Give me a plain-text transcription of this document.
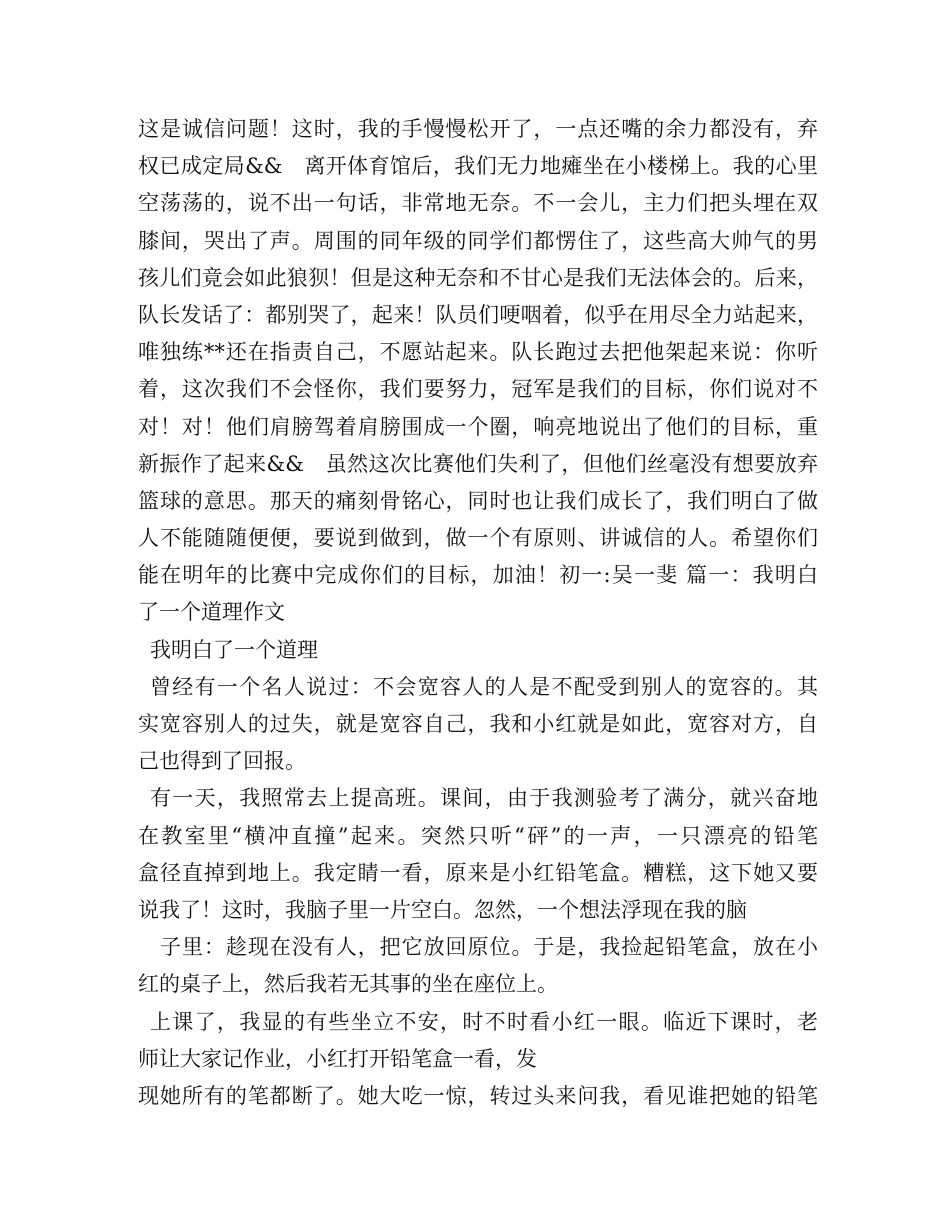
这是诚信问题！这时，我的手慢慢松开了，一点还嘴的余力都没有，弃
权已成定局&&　离开体育馆后，我们无力地瘫坐在小楼梯上。我的心里
空荡荡的，说不出一句话，非常地无奈。不一会儿，主力们把头埋在双
膝间，哭出了声。周围的同年级的同学们都愣住了，这些高大帅气的男
孩儿们竟会如此狼狈！但是这种无奈和不甘心是我们无法体会的。后来，
队长发话了：都别哭了，起来！队员们哽咽着，似乎在用尽全力站起来，
唯独练**还在指责自己，不愿站起来。队长跑过去把他架起来说：你听
着，这次我们不会怪你，我们要努力，冠军是我们的目标，你们说对不
对！对！他们肩膀驾着肩膀围成一个圈，响亮地说出了他们的目标，重
新振作了起来&&　虽然这次比赛他们失利了，但他们丝毫没有想要放弃
篮球的意思。那天的痛刻骨铭心，同时也让我们成长了，我们明白了做
人不能随随便便，要说到做到，做一个有原则、讲诚信的人。希望你们
能在明年的比赛中完成你们的目标，加油！初一:吴一斐 篇一：我明白
了一个道理作文
我明白了一个道理
曾经有一个名人说过：不会宽容人的人是不配受到别人的宽容的。其
实宽容别人的过失，就是宽容自己，我和小红就是如此，宽容对方，自
己也得到了回报。
有一天，我照常去上提高班。课间，由于我测验考了满分，就兴奋地
在教室里“横冲直撞”起来。突然只听“砰”的一声，一只漂亮的铅笔
盒径直掉到地上。我定睛一看，原来是小红铅笔盒。糟糕，这下她又要
说我了！这时，我脑子里一片空白。忽然，一个想法浮现在我的脑
子里：趁现在没有人，把它放回原位。于是，我捡起铅笔盒，放在小
红的桌子上，然后我若无其事的坐在座位上。
上课了，我显的有些坐立不安，时不时看小红一眼。临近下课时，老
师让大家记作业，小红打开铅笔盒一看，发
现她所有的笔都断了。她大吃一惊，转过头来问我，看见谁把她的铅笔
